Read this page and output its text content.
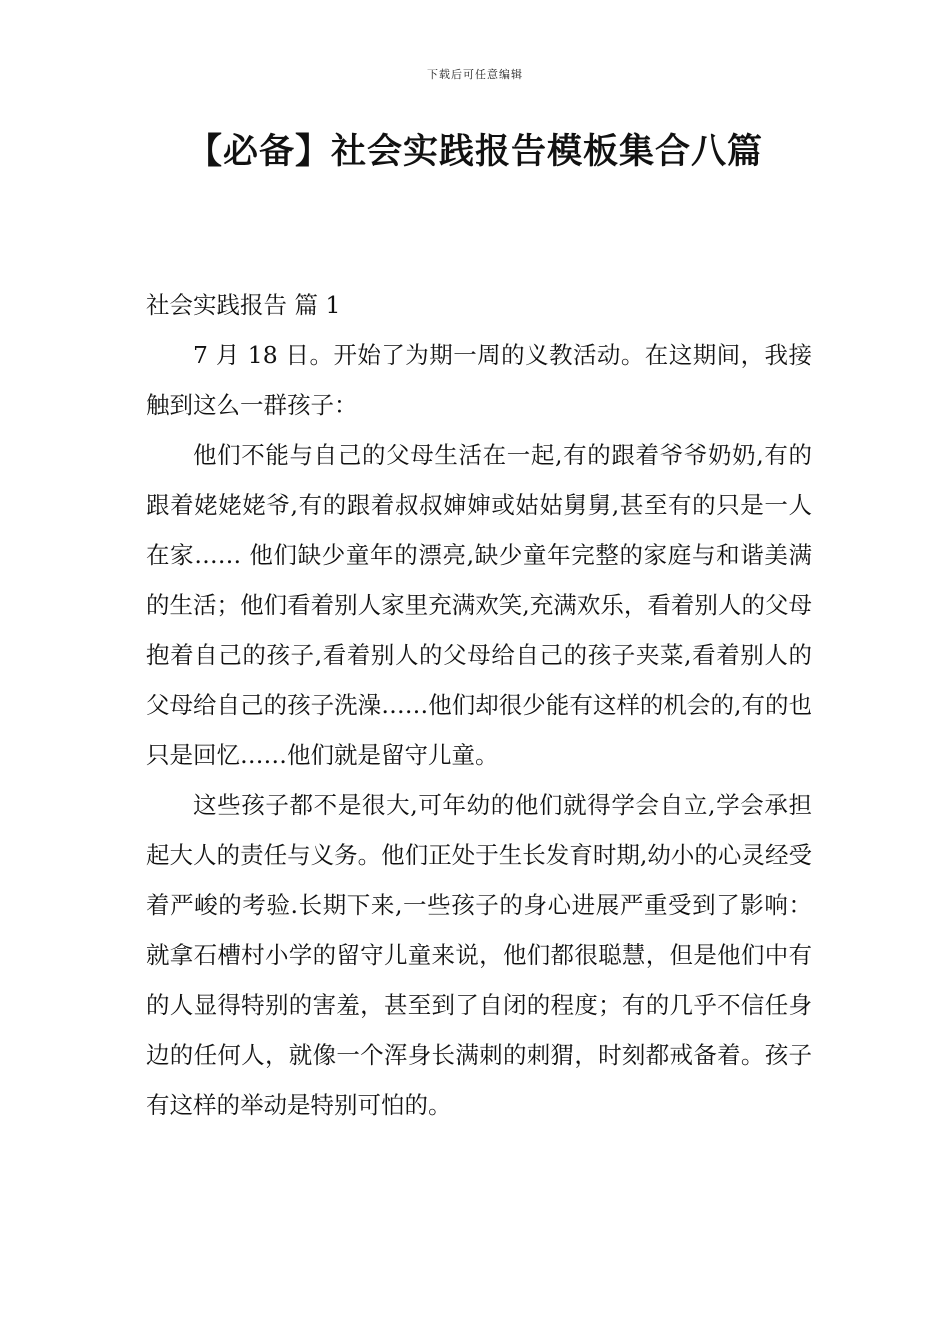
下载后可任意编辑
【必备】社会实践报告模板集合八篇

社会实践报告 篇 1

7 月 18 日。开始了为期一周的义教活动。在这期间，我接触到这么一群孩子：

他们不能与自己的父母生活在一起,有的跟着爷爷奶奶,有的跟着姥姥姥爷,有的跟着叔叔婶婶或姑姑舅舅,甚至有的只是一人在家…… 他们缺少童年的漂亮,缺少童年完整的家庭与和谐美满的生活；他们看着别人家里充满欢笑,充满欢乐，看着别人的父母抱着自己的孩子,看着别人的父母给自己的孩子夹菜,看着别人的父母给自己的孩子洗澡……他们却很少能有这样的机会的,有的也只是回忆……他们就是留守儿童。

这些孩子都不是很大,可年幼的他们就得学会自立,学会承担起大人的责任与义务。他们正处于生长发育时期,幼小的心灵经受着严峻的考验.长期下来,一些孩子的身心进展严重受到了影响：就拿石槽村小学的留守儿童来说，他们都很聪慧，但是他们中有的人显得特别的害羞，甚至到了自闭的程度；有的几乎不信任身边的任何人，就像一个浑身长满刺的刺猬，时刻都戒备着。孩子有这样的举动是特别可怕的。
